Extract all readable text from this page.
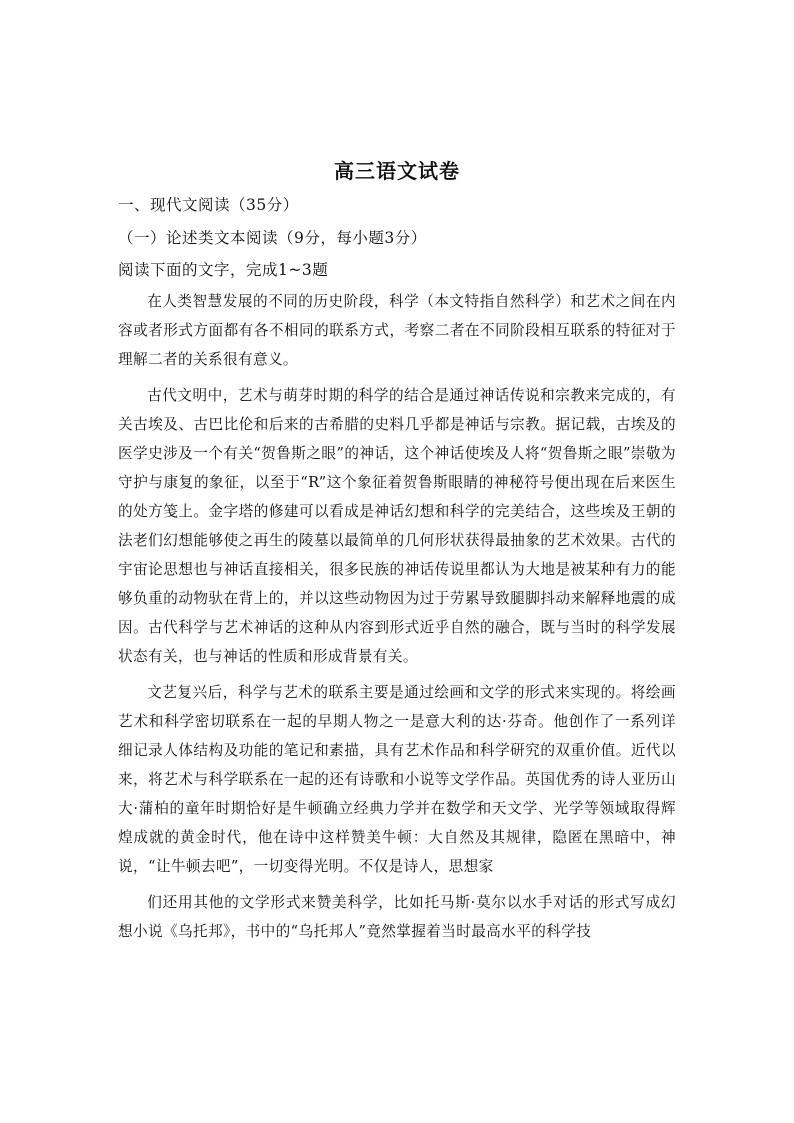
高三语文试卷
一、现代文阅读（35分）
（一）论述类文本阅读（9分，每小题3分）
阅读下面的文字，完成1~3题

在人类智慧发展的不同的历史阶段，科学（本文特指自然科学）和艺术之间在内容或者形式方面都有各不相同的联系方式，考察二者在不同阶段相互联系的特征对于理解二者的关系很有意义。

古代文明中，艺术与萌芽时期的科学的结合是通过神话传说和宗教来完成的，有关古埃及、古巴比伦和后来的古希腊的史料几乎都是神话与宗教。据记载，古埃及的医学史涉及一个有关“贺鲁斯之眼”的神话，这个神话使埃及人将“贺鲁斯之眼”崇敬为守护与康复的象征，以至于“R”这个象征着贺鲁斯眼睛的神秘符号便出现在后来医生的处方笺上。金字塔的修建可以看成是神话幻想和科学的完美结合，这些埃及王朝的法老们幻想能够使之再生的陵墓以最简单的几何形状获得最抽象的艺术效果。古代的宇宙论思想也与神话直接相关，很多民族的神话传说里都认为大地是被某种有力的能够负重的动物驮在背上的，并以这些动物因为过于劳累导致腿脚抖动来解释地震的成因。古代科学与艺术神话的这种从内容到形式近乎自然的融合，既与当时的科学发展状态有关，也与神话的性质和形成背景有关。

文艺复兴后，科学与艺术的联系主要是通过绘画和文学的形式来实现的。将绘画艺术和科学密切联系在一起的早期人物之一是意大利的达·芬奇。他创作了一系列详细记录人体结构及功能的笔记和素描，具有艺术作品和科学研究的双重价值。近代以来，将艺术与科学联系在一起的还有诗歌和小说等文学作品。英国优秀的诗人亚历山大·蒲柏的童年时期恰好是牛顿确立经典力学并在数学和天文学、光学等领域取得辉煌成就的黄金时代，他在诗中这样赞美牛顿：大自然及其规律，隐匿在黑暗中，神说，“让牛顿去吧”，一切变得光明。不仅是诗人，思想家

们还用其他的文学形式来赞美科学，比如托马斯·莫尔以水手对话的形式写成幻想小说《乌托邦》，书中的“乌托邦人”竟然掌握着当时最高水平的科学技
